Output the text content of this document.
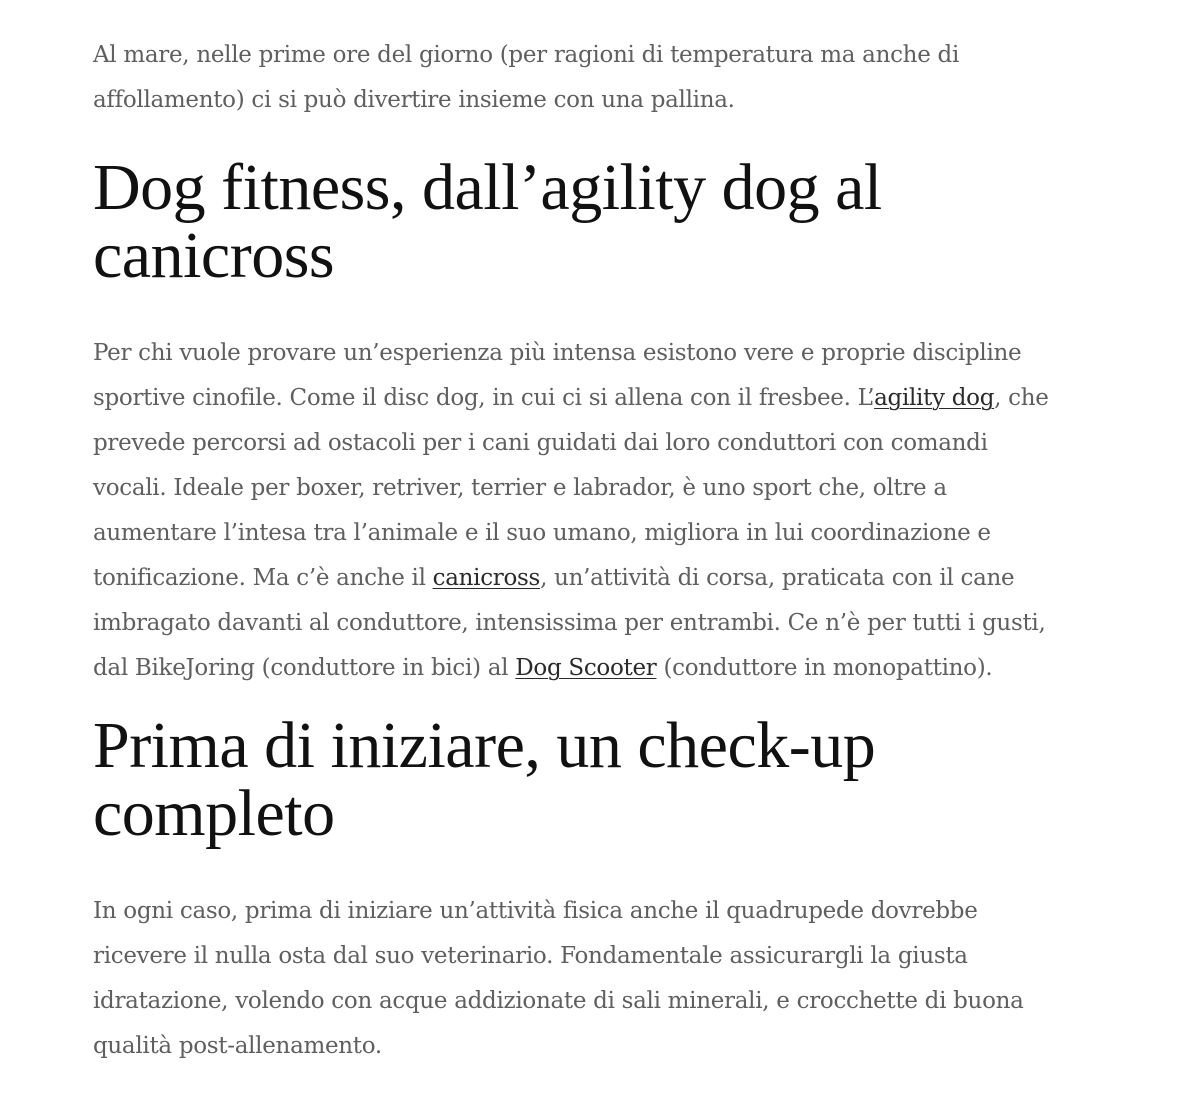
Al mare, nelle prime ore del giorno (per ragioni di temperatura ma anche di
affollamento) ci si può divertire insieme con una pallina.

Dog fitness, dall’agility dog al
canicross

Per chi vuole provare un’esperienza più intensa esistono vere e proprie discipline
sportive cinofile. Come il disc dog, in cui ci si allena con il fresbee. L’agility dog, che
prevede percorsi ad ostacoli per i cani guidati dai loro conduttori con comandi
vocali. Ideale per boxer, retriver, terrier e labrador, è uno sport che, oltre a
aumentare l’intesa tra l’animale e il suo umano, migliora in lui coordinazione e
tonificazione. Ma c’è anche il canicross, un’attività di corsa, praticata con il cane
imbragato davanti al conduttore, intensissima per entrambi. Ce n’è per tutti i gusti,
dal BikeJoring (conduttore in bici) al Dog Scooter (conduttore in monopattino).

Prima di iniziare, un check-up
completo

In ogni caso, prima di iniziare un’attività fisica anche il quadrupede dovrebbe
ricevere il nulla osta dal suo veterinario. Fondamentale assicurargli la giusta
idratazione, volendo con acque addizionate di sali minerali, e crocchette di buona
qualità post-allenamento.
